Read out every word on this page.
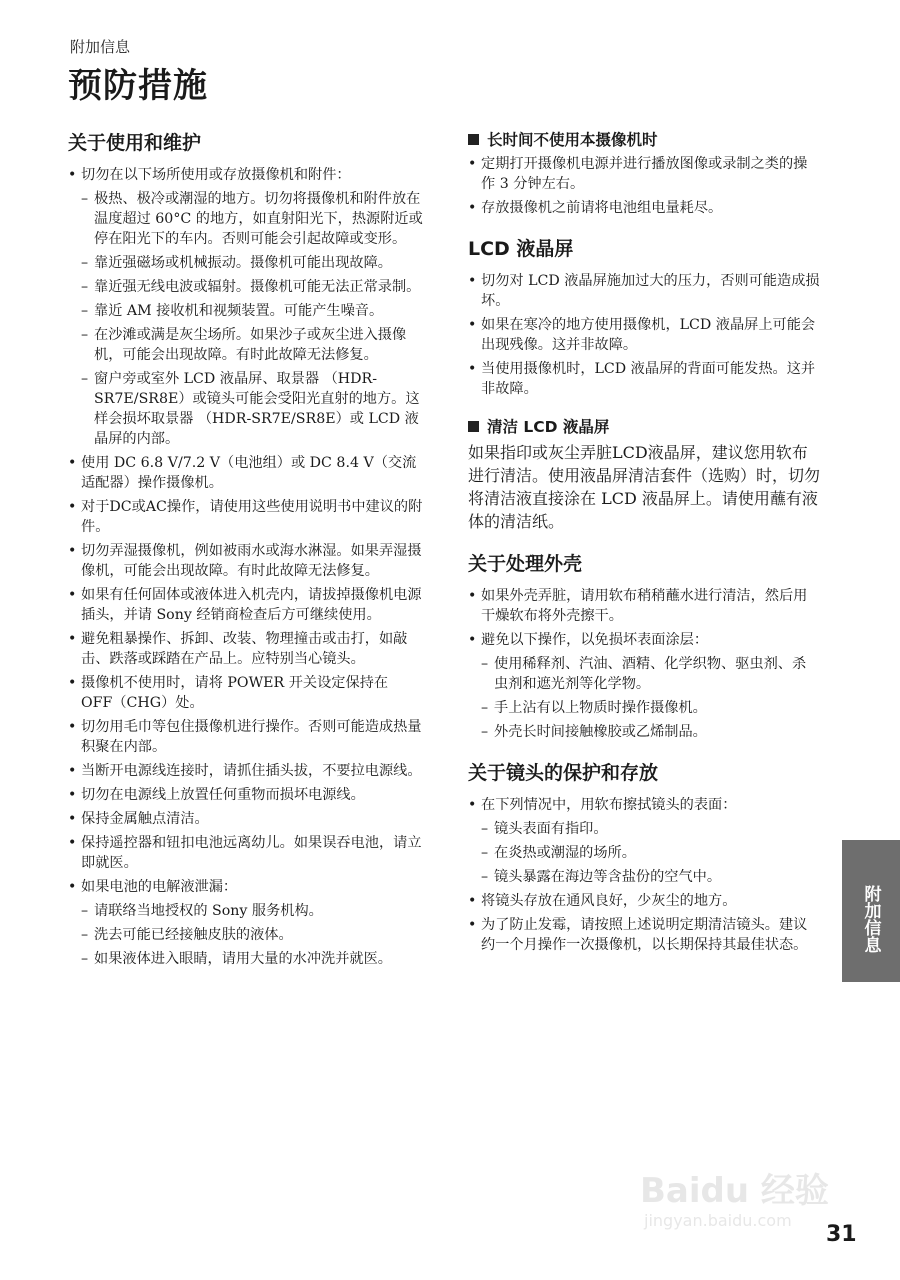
附加信息
预防措施
关于使用和维护
• 切勿在以下场所使用或存放摄像机和附件：
– 极热、极冷或潮湿的地方。切勿将摄像机和附件放在温度超过 60°C 的地方，如直射阳光下，热源附近或停在阳光下的车内。否则可能会引起故障或变形。
– 靠近强磁场或机械振动。摄像机可能出现故障。
– 靠近强无线电波或辐射。摄像机可能无法正常录制。
– 靠近 AM 接收机和视频装置。可能产生噪音。
– 在沙滩或满是灰尘场所。如果沙子或灰尘进入摄像机，可能会出现故障。有时此故障无法修复。
– 窗户旁或室外 LCD 液晶屏、取景器 （HDR-SR7E/SR8E）或镜头可能会受阳光直射的地方。这样会损坏取景器 （HDR-SR7E/SR8E）或 LCD 液晶屏的内部。
• 使用 DC 6.8 V/7.2 V（电池组）或 DC 8.4 V（交流适配器）操作摄像机。
• 对于DC或AC操作，请使用这些使用说明书中建议的附件。
• 切勿弄湿摄像机，例如被雨水或海水淋湿。如果弄湿摄像机，可能会出现故障。有时此故障无法修复。
• 如果有任何固体或液体进入机壳内，请拔掉摄像机电源插头，并请 Sony 经销商检查后方可继续使用。
• 避免粗暴操作、拆卸、改装、物理撞击或击打，如敲击、跌落或踩踏在产品上。应特别当心镜头。
• 摄像机不使用时，请将 POWER 开关设定保持在 OFF（CHG）处。
• 切勿用毛巾等包住摄像机进行操作。否则可能造成热量积聚在内部。
• 当断开电源线连接时，请抓住插头拔，不要拉电源线。
• 切勿在电源线上放置任何重物而损坏电源线。
• 保持金属触点清洁。
• 保持遥控器和钮扣电池远离幼儿。如果误吞电池，请立即就医。
• 如果电池的电解液泄漏：
– 请联络当地授权的 Sony 服务机构。
– 洗去可能已经接触皮肤的液体。
– 如果液体进入眼睛，请用大量的水冲洗并就医。
长时间不使用本摄像机时
• 定期打开摄像机电源并进行播放图像或录制之类的操作 3 分钟左右。
• 存放摄像机之前请将电池组电量耗尽。
LCD 液晶屏
• 切勿对 LCD 液晶屏施加过大的压力，否则可能造成损坏。
• 如果在寒冷的地方使用摄像机，LCD 液晶屏上可能会出现残像。这并非故障。
• 当使用摄像机时，LCD 液晶屏的背面可能发热。这并非故障。
清洁 LCD 液晶屏

如果指印或灰尘弄脏LCD液晶屏，建议您用软布进行清洁。使用液晶屏清洁套件（选购）时，切勿将清洁液直接涂在 LCD 液晶屏上。请使用蘸有液体的清洁纸。

关于处理外壳
• 如果外壳弄脏，请用软布稍稍蘸水进行清洁，然后用干燥软布将外壳擦干。
• 避免以下操作，以免损坏表面涂层：
– 使用稀释剂、汽油、酒精、化学织物、驱虫剂、杀虫剂和遮光剂等化学物。
– 手上沾有以上物质时操作摄像机。
– 外壳长时间接触橡胶或乙烯制品。
关于镜头的保护和存放
• 在下列情况中，用软布擦拭镜头的表面：
– 镜头表面有指印。
– 在炎热或潮湿的场所。
– 镜头暴露在海边等含盐份的空气中。
• 将镜头存放在通风良好，少灰尘的地方。
• 为了防止发霉，请按照上述说明定期清洁镜头。建议约一个月操作一次摄像机，以长期保持其最佳状态。	附加信息
Baidu 经验
jingyan.baidu.com
31
